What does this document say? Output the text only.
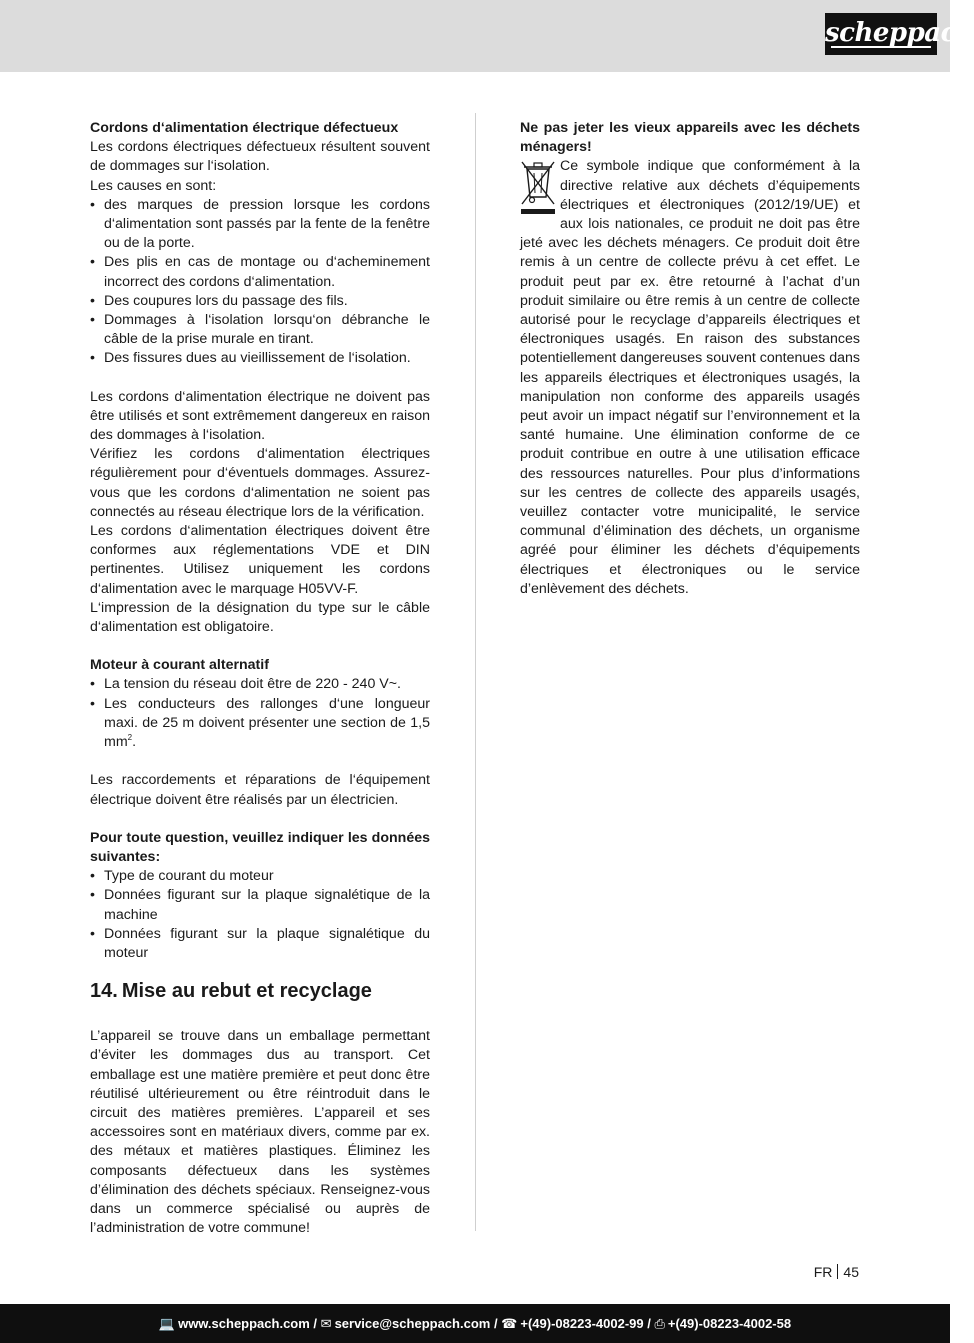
scheppach

Cordons d‘alimentation électrique défectueux

Les cordons électriques défectueux résultent souvent de dommages sur l‘isolation.

Les causes en sont:

• des marques de pression lorsque les cordons d‘alimentation sont passés par la fente de la fenêtre ou de la porte.
• Des plis en cas de montage ou d‘acheminement incorrect des cordons d‘alimentation.
• Des coupures lors du passage des fils.
• Dommages à l‘isolation lorsqu‘on débranche le câble de la prise murale en tirant.
• Des fissures dues au vieillissement de l‘isolation.

Les cordons d‘alimentation électrique ne doivent pas être utilisés et sont extrêmement dangereux en raison des dommages à l‘isolation.

Vérifiez les cordons d‘alimentation électriques régulièrement pour d‘éventuels dommages. Assurez-vous que les cordons d‘alimentation ne soient pas connectés au réseau électrique lors de la vérification.

Les cordons d‘alimentation électriques doivent être conformes aux réglementations VDE et DIN pertinentes. Utilisez uniquement les cordons d‘alimentation avec le marquage H05VV-F.

L‘impression de la désignation du type sur le câble d‘alimentation est obligatoire.

Moteur à courant alternatif

• La tension du réseau doit être de 220 - 240 V~.
• Les conducteurs des rallonges d‘une longueur maxi. de 25 m doivent présenter une section de 1,5 $mm^2$.

Les raccordements et réparations de l‘équipement électrique doivent être réalisés par un électricien.

Pour toute question, veuillez indiquer les données suivantes:

• Type de courant du moteur
• Données figurant sur la plaque signalétique de la machine
• Données figurant sur la plaque signalétique du moteur
14. Mise au rebut et recyclage

L’appareil se trouve dans un emballage permettant d’éviter les dommages dus au transport. Cet emballage est une matière première et peut donc être réutilisé ultérieurement ou être réintroduit dans le circuit des matières premières. L’appareil et ses accessoires sont en matériaux divers, comme par ex. des métaux et matières plastiques. Éliminez les composants défectueux dans les systèmes d’élimination des déchets spéciaux. Renseignez-vous dans un commerce spécialisé ou auprès de l’administration de votre commune!

Ne pas jeter les vieux appareils avec les déchets ménagers!

Ce symbole indique que conformément à la directive relative aux déchets d’équipements électriques et électroniques (2012/19/UE) et aux lois nationales, ce produit ne doit pas être jeté avec les déchets ménagers. Ce produit doit être remis à un centre de collecte prévu à cet effet. Le produit peut par ex. être retourné à l’achat d’un produit similaire ou être remis à un centre de collecte autorisé pour le recyclage d’appareils électriques et électroniques usagés. En raison des substances potentiellement dangereuses souvent contenues dans les appareils électriques et électroniques usagés, la manipulation non conforme des appareils usagés peut avoir un impact négatif sur l’environnement et la santé humaine. Une élimination conforme de ce produit contribue en outre à une utilisation efficace des ressources naturelles. Pour plus d’informations sur les centres de collecte des appareils usagés, veuillez contacter votre municipalité, le service communal d’élimination des déchets, un organisme agréé pour éliminer les déchets d’équipements électriques et électroniques ou le service d’enlèvement des déchets.

FR 45
💻 www.scheppach.com / ✉ service@scheppach.com / ☎ +(49)-08223-4002-99 / ⎙ +(49)-08223-4002-58
